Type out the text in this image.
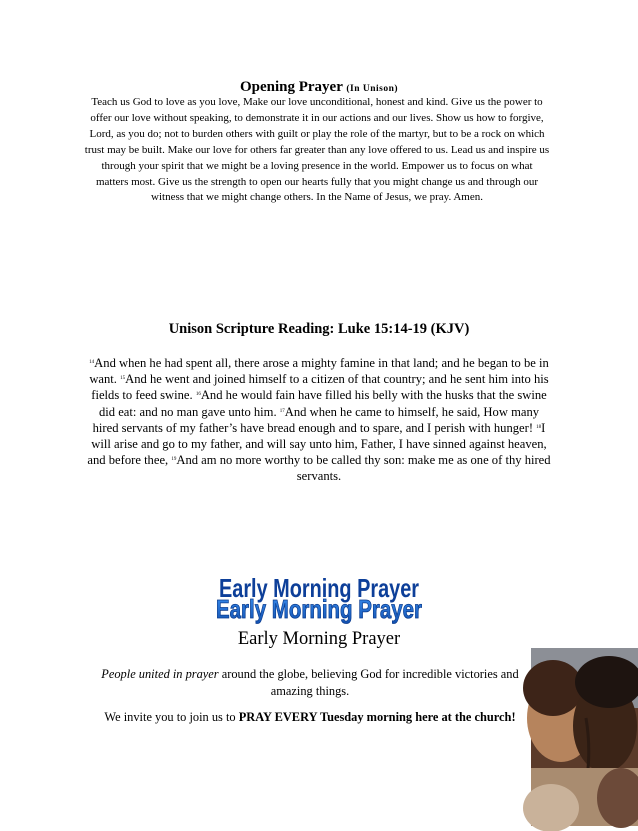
Opening Prayer (In Unison)
Teach us God to love as you love, Make our love unconditional, honest and kind. Give us the power to offer our love without speaking, to demonstrate it in our actions and our lives. Show us how to forgive, Lord, as you do; not to burden others with guilt or play the role of the martyr, but to be a rock on which trust may be built. Make our love for others far greater than any love offered to us. Lead us and inspire us through your spirit that we might be a loving presence in the world. Empower us to focus on what matters most. Give us the strength to open our hearts fully that you might change us and through our witness that we might change others. In the Name of Jesus, we pray. Amen.
Unison Scripture Reading: Luke 15:14-19 (KJV)
$^{14}$And when he had spent all, there arose a mighty famine in that land; and he began to be in want. $^{15}$And he went and joined himself to a citizen of that country; and he sent him into his fields to feed swine. $^{16}$And he would fain have filled his belly with the husks that the swine did eat: and no man gave unto him. $^{17}$And when he came to himself, he said, How many hired servants of my father’s have bread enough and to spare, and I perish with hunger! $^{18}$I will arise and go to my father, and will say unto him, Father, I have sinned against heaven, and before thee, $^{19}$And am no more worthy to be called thy son: make me as one of thy hired servants.
Early Morning Prayer
Early Morning Prayer
Early Morning Prayer
People united in prayer around the globe, believing God for incredible victories and amazing things.
We invite you to join us to PRAY EVERY Tuesday morning here at the church!
